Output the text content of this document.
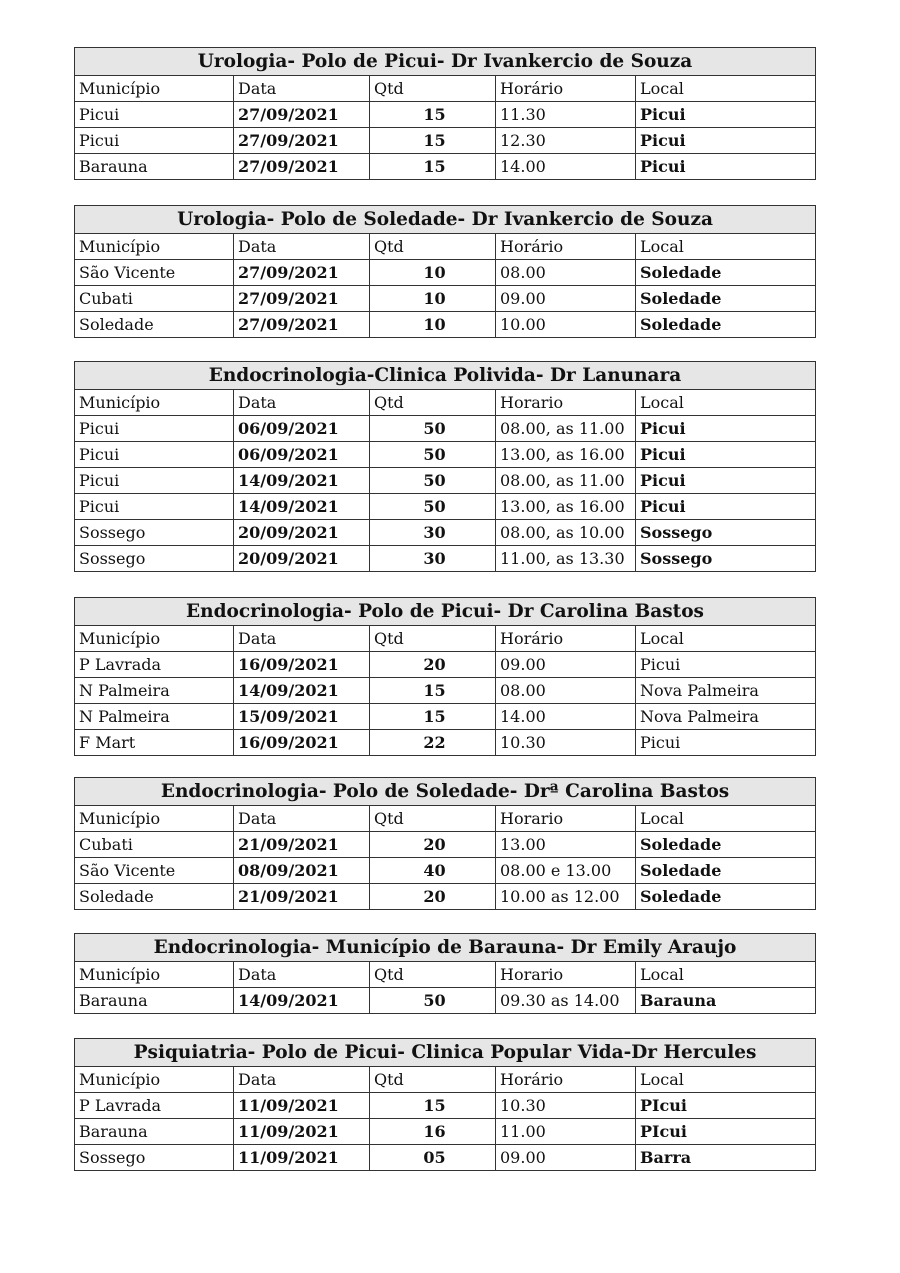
Urologia- Polo de Picui- Dr Ivankercio de Souza				
Município	Data	Qtd	Horário	Local
Picui	27/09/2021	15	11.30	Picui
Picui	27/09/2021	15	12.30	Picui
Barauna	27/09/2021	15	14.00	Picui
Urologia- Polo de Soledade- Dr Ivankercio de Souza				
Município	Data	Qtd	Horário	Local
São Vicente	27/09/2021	10	08.00	Soledade
Cubati	27/09/2021	10	09.00	Soledade
Soledade	27/09/2021	10	10.00	Soledade
Endocrinologia-Clinica Polivida- Dr Lanunara				
Município	Data	Qtd	Horario	Local
Picui	06/09/2021	50	08.00, as 11.00	Picui
Picui	06/09/2021	50	13.00, as 16.00	Picui
Picui	14/09/2021	50	08.00, as 11.00	Picui
Picui	14/09/2021	50	13.00, as 16.00	Picui
Sossego	20/09/2021	30	08.00, as 10.00	Sossego
Sossego	20/09/2021	30	11.00, as 13.30	Sossego
Endocrinologia- Polo de Picui- Dr Carolina Bastos				
Município	Data	Qtd	Horário	Local
P Lavrada	16/09/2021	20	09.00	Picui
N Palmeira	14/09/2021	15	08.00	Nova Palmeira
N Palmeira	15/09/2021	15	14.00	Nova Palmeira
F Mart	16/09/2021	22	10.30	Picui
Endocrinologia- Polo de Soledade- Drª Carolina Bastos				
Município	Data	Qtd	Horario	Local
Cubati	21/09/2021	20	13.00	Soledade
São Vicente	08/09/2021	40	08.00 e 13.00	Soledade
Soledade	21/09/2021	20	10.00 as 12.00	Soledade
Endocrinologia- Município de Barauna- Dr Emily Araujo				
Município	Data	Qtd	Horario	Local
Barauna	14/09/2021	50	09.30 as 14.00	Barauna
Psiquiatria- Polo de Picui- Clinica Popular Vida-Dr Hercules				
Município	Data	Qtd	Horário	Local
P Lavrada	11/09/2021	15	10.30	PIcui
Barauna	11/09/2021	16	11.00	PIcui
Sossego	11/09/2021	05	09.00	Barra
